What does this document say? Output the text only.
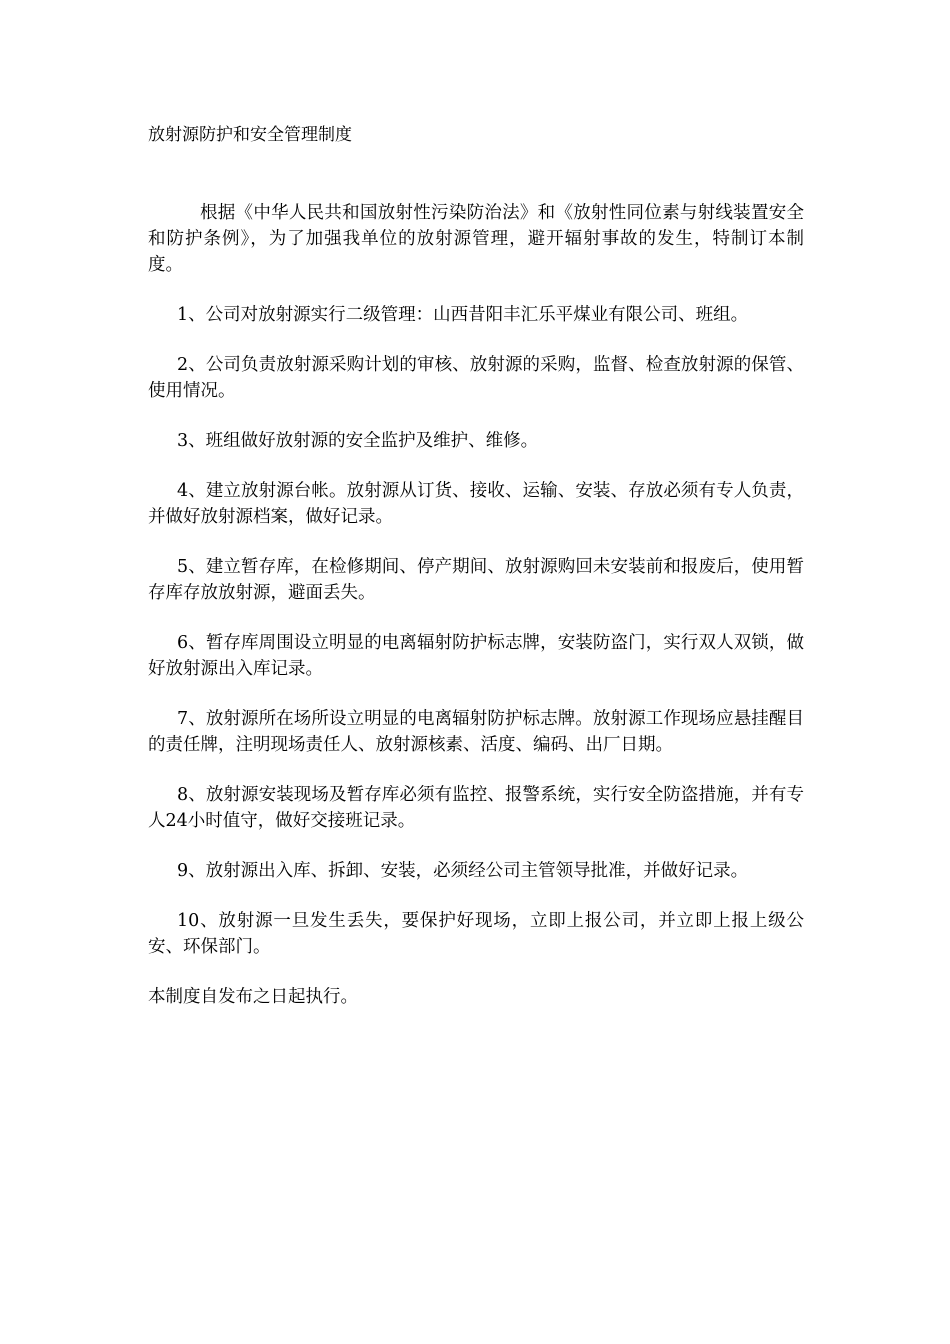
放射源防护和安全管理制度

根据《中华人民共和国放射性污染防治法》和《放射性同位素与射线装置安全和防护条例》，为了加强我单位的放射源管理，避开辐射事故的发生，特制订本制度。

1、公司对放射源实行二级管理：山西昔阳丰汇乐平煤业有限公司、班组。

2、公司负责放射源采购计划的审核、放射源的采购，监督、检查放射源的保管、使用情况。

3、班组做好放射源的安全监护及维护、维修。

4、建立放射源台帐。放射源从订货、接收、运输、安装、存放必须有专人负责，并做好放射源档案，做好记录。

5、建立暂存库，在检修期间、停产期间、放射源购回未安装前和报废后，使用暂存库存放放射源，避面丢失。

6、暂存库周围设立明显的电离辐射防护标志牌，安装防盗门，实行双人双锁，做好放射源出入库记录。

7、放射源所在场所设立明显的电离辐射防护标志牌。放射源工作现场应悬挂醒目的责任牌，注明现场责任人、放射源核素、活度、编码、出厂日期。

8、放射源安装现场及暂存库必须有监控、报警系统，实行安全防盗措施，并有专人24小时值守，做好交接班记录。

9、放射源出入库、拆卸、安装，必须经公司主管领导批准，并做好记录。

10、放射源一旦发生丢失，要保护好现场，立即上报公司，并立即上报上级公安、环保部门。

本制度自发布之日起执行。
